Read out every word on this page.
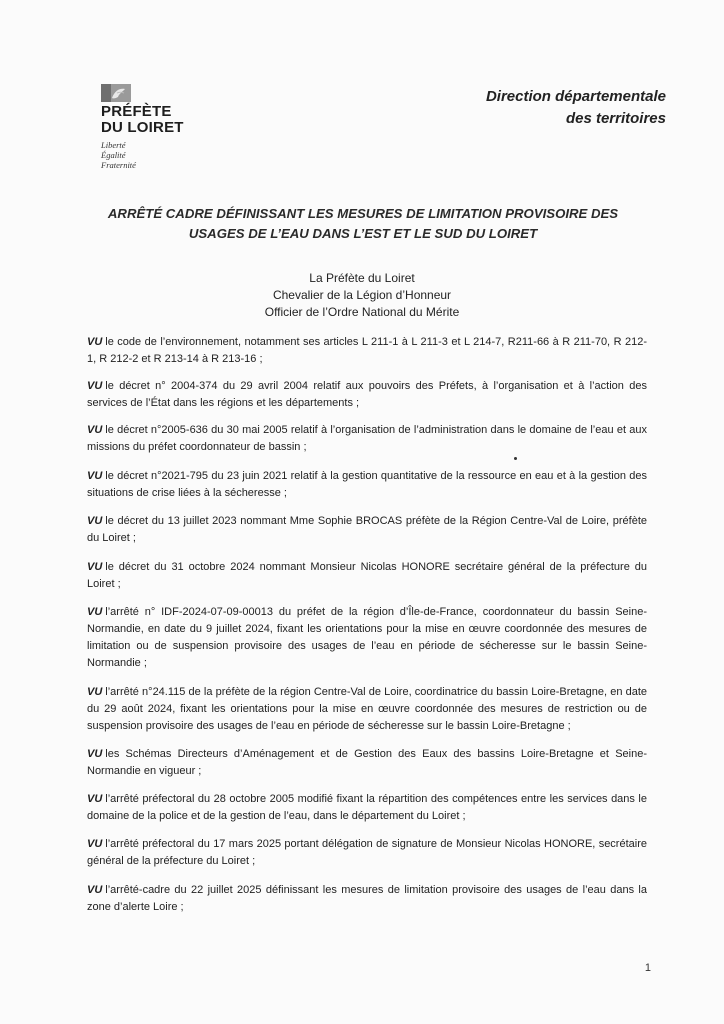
PRÉFÈTE
DU LOIRET
Liberté
Égalité
Fraternité
Direction départementale
des territoires
ARRÊTÉ CADRE DÉFINISSANT LES MESURES DE LIMITATION PROVISOIRE DES
USAGES DE L’EAU DANS L’EST ET LE SUD DU LOIRET
La Préfète du Loiret
Chevalier de la Légion d’Honneur
Officier de l’Ordre National du Mérite

VU le code de l’environnement, notamment ses articles L 211-1 à L 211-3 et L 214-7, R211-66 à R 211-70, R 212-1, R 212-2 et R 213-14 à R 213-16 ;

VU le décret n° 2004-374 du 29 avril 2004 relatif aux pouvoirs des Préfets, à l’organisation et à l’action des services de l’État dans les régions et les départements ;

VU le décret n°2005-636 du 30 mai 2005 relatif à l’organisation de l’administration dans le domaine de l’eau et aux missions du préfet coordonnateur de bassin ;

VU le décret n°2021-795 du 23 juin 2021 relatif à la gestion quantitative de la ressource en eau et à la gestion des situations de crise liées à la sécheresse ;

VU le décret du 13 juillet 2023 nommant Mme Sophie BROCAS préfète de la Région Centre-Val de Loire, préfète du Loiret ;

VU le décret du 31 octobre 2024 nommant Monsieur Nicolas HONORE secrétaire général de la préfecture du Loiret ;

VU l’arrêté n° IDF-2024-07-09-00013 du préfet de la région d’Île-de-France, coordonnateur du bassin Seine-Normandie, en date du 9 juillet 2024, fixant les orientations pour la mise en œuvre coordonnée des mesures de limitation ou de suspension provisoire des usages de l’eau en période de sécheresse sur le bassin Seine-Normandie ;

VU l’arrêté n°24.115 de la préfète de la région Centre-Val de Loire, coordinatrice du bassin Loire-Bretagne, en date du 29 août 2024, fixant les orientations pour la mise en œuvre coordonnée des mesures de restriction ou de suspension provisoire des usages de l’eau en période de sécheresse sur le bassin Loire-Bretagne ;

VU les Schémas Directeurs d’Aménagement et de Gestion des Eaux des bassins Loire-Bretagne et Seine-Normandie en vigueur ;

VU l’arrêté préfectoral du 28 octobre 2005 modifié fixant la répartition des compétences entre les services dans le domaine de la police et de la gestion de l’eau, dans le département du Loiret ;

VU l’arrêté préfectoral du 17 mars 2025 portant délégation de signature de Monsieur Nicolas HONORE, secrétaire général de la préfecture du Loiret ;

VU l’arrêté-cadre du 22 juillet 2025 définissant les mesures de limitation provisoire des usages de l’eau dans la zone d’alerte Loire ;

1
